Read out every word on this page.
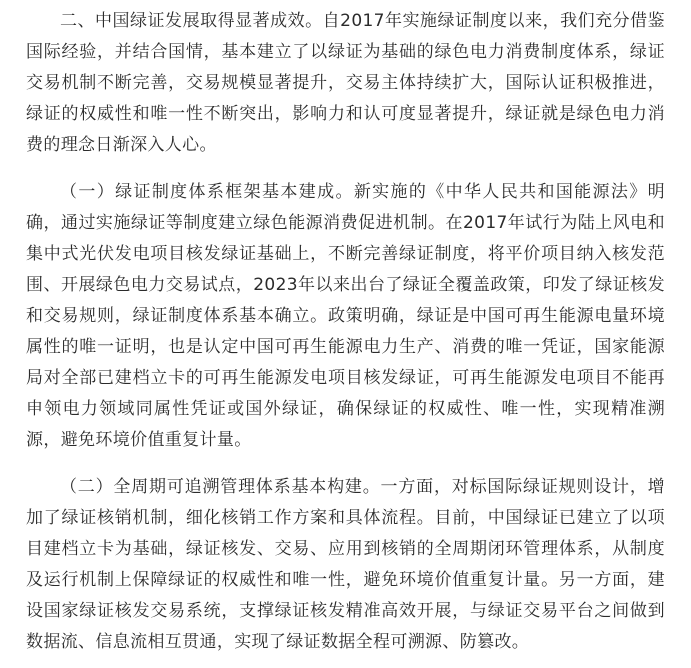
二、中国绿证发展取得显著成效。自2017年实施绿证制度以来，我们充分借鉴国际经验，并结合国情，基本建立了以绿证为基础的绿色电力消费制度体系，绿证交易机制不断完善，交易规模显著提升，交易主体持续扩大，国际认证积极推进，绿证的权威性和唯一性不断突出，影响力和认可度显著提升，绿证就是绿色电力消费的理念日渐深入人心。

（一）绿证制度体系框架基本建成。新实施的《中华人民共和国能源法》明确，通过实施绿证等制度建立绿色能源消费促进机制。在2017年试行为陆上风电和集中式光伏发电项目核发绿证基础上，不断完善绿证制度，将平价项目纳入核发范围、开展绿色电力交易试点，2023年以来出台了绿证全覆盖政策，印发了绿证核发和交易规则，绿证制度体系基本确立。政策明确，绿证是中国可再生能源电量环境属性的唯一证明，也是认定中国可再生能源电力生产、消费的唯一凭证，国家能源局对全部已建档立卡的可再生能源发电项目核发绿证，可再生能源发电项目不能再申领电力领域同属性凭证或国外绿证，确保绿证的权威性、唯一性，实现精准溯源，避免环境价值重复计量。

（二）全周期可追溯管理体系基本构建。一方面，对标国际绿证规则设计，增加了绿证核销机制，细化核销工作方案和具体流程。目前，中国绿证已建立了以项目建档立卡为基础，绿证核发、交易、应用到核销的全周期闭环管理体系，从制度及运行机制上保障绿证的权威性和唯一性，避免环境价值重复计量。另一方面，建设国家绿证核发交易系统，支撑绿证核发精准高效开展，与绿证交易平台之间做到数据流、信息流相互贯通，实现了绿证数据全程可溯源、防篡改。
